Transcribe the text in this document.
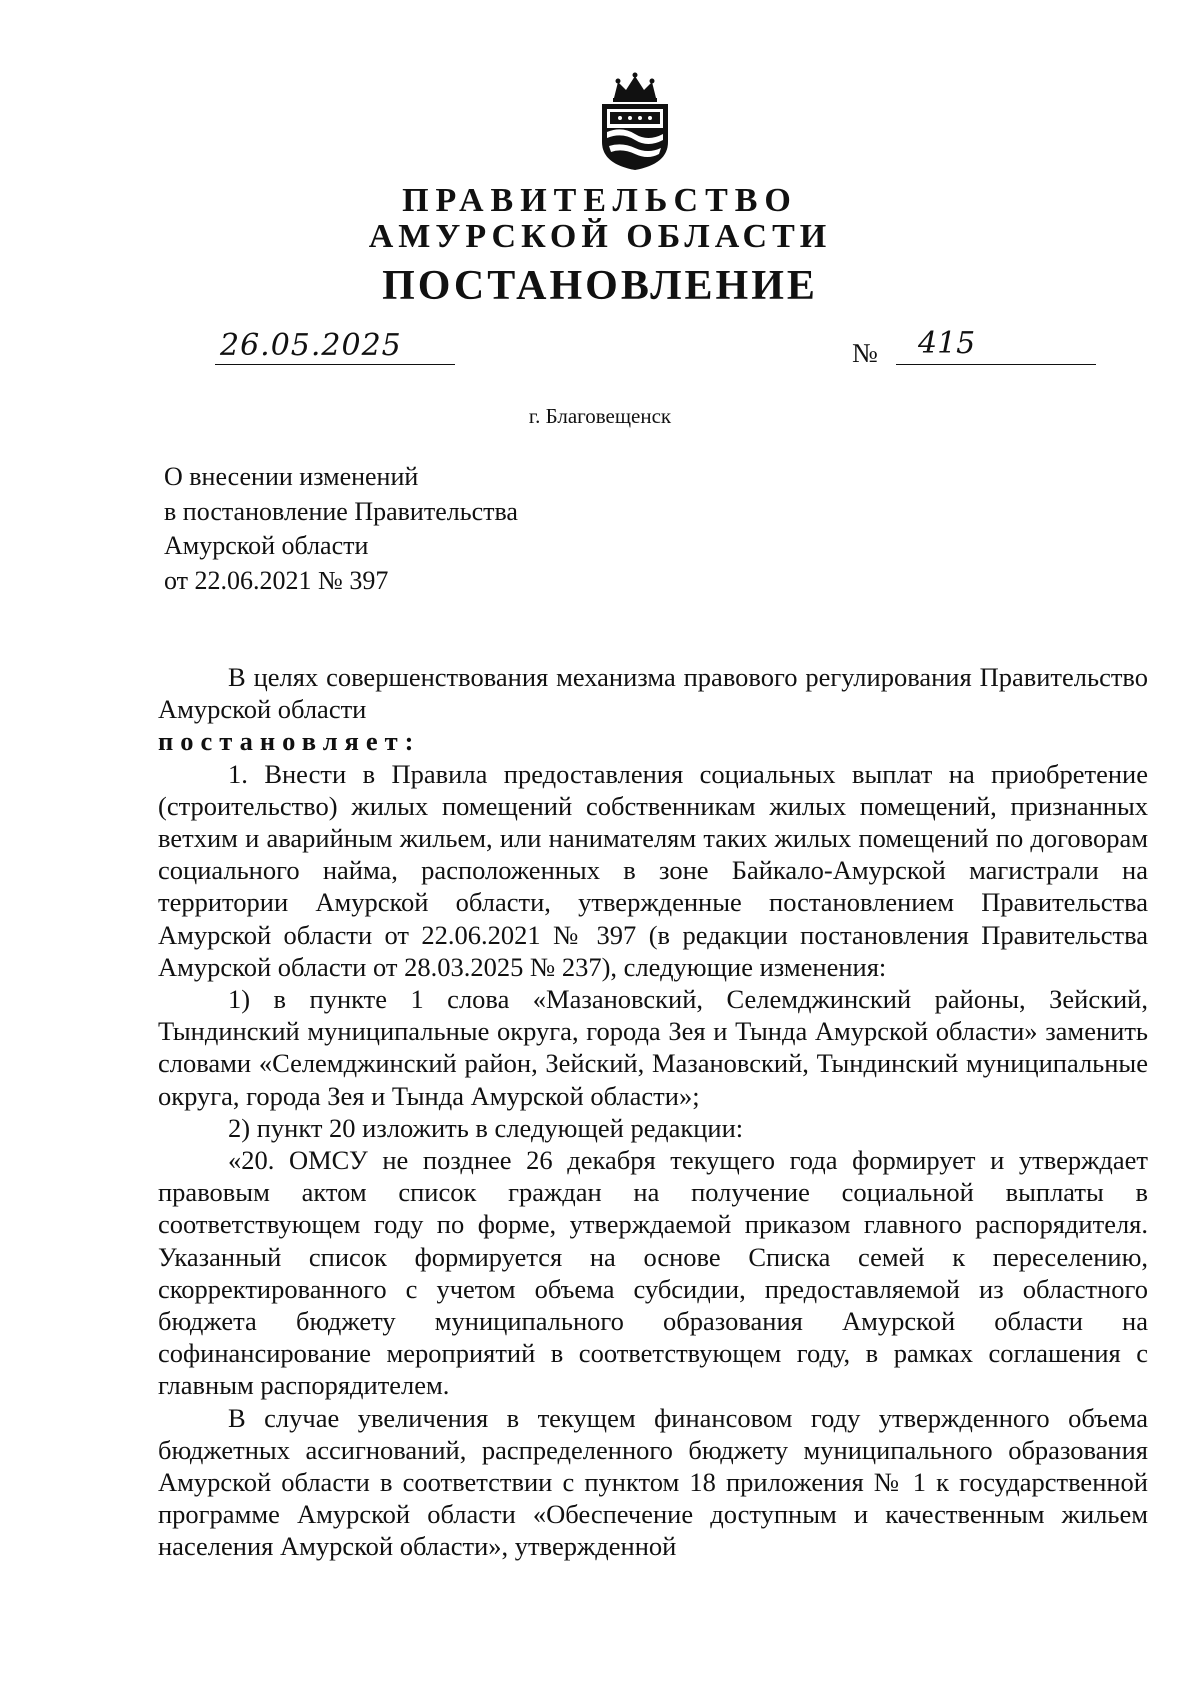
ПРАВИТЕЛЬСТВО
АМУРСКОЙ ОБЛАСТИ
ПОСТАНОВЛЕНИЕ
26.05.2025	№ 415
г. Благовещенск
О внесении изменений
в постановление Правительства
Амурской области
от 22.06.2021 № 397

В целях совершенствования механизма правового регулирования Правительство Амурской области

постановляет:

1. Внести в Правила предоставления социальных выплат на приобретение (строительство) жилых помещений собственникам жилых помещений, признанных ветхим и аварийным жильем, или нанимателям таких жилых помещений по договорам социального найма, расположенных в зоне Байкало-Амурской магистрали на территории Амурской области, утвержденные постановлением Правительства Амурской области от 22.06.2021 № 397 (в редакции постановления Правительства Амурской области от 28.03.2025 № 237), следующие изменения:

1) в пункте 1 слова «Мазановский, Селемджинский районы, Зейский, Тындинский муниципальные округа, города Зея и Тында Амурской области» заменить словами «Селемджинский район, Зейский, Мазановский, Тындинский муниципальные округа, города Зея и Тында Амурской области»;

2) пункт 20 изложить в следующей редакции:

«20. ОМСУ не позднее 26 декабря текущего года формирует и утверждает правовым актом список граждан на получение социальной выплаты в соответствующем году по форме, утверждаемой приказом главного распорядителя. Указанный список формируется на основе Списка семей к переселению, скорректированного с учетом объема субсидии, предоставляемой из областного бюджета бюджету муниципального образования Амурской области на софинансирование мероприятий в соответствующем году, в рамках соглашения с главным распорядителем.

В случае увеличения в текущем финансовом году утвержденного объема бюджетных ассигнований, распределенного бюджету муниципального образования Амурской области в соответствии с пунктом 18 приложения № 1 к государственной программе Амурской области «Обеспечение доступным и качественным жильем населения Амурской области», утвержденной
